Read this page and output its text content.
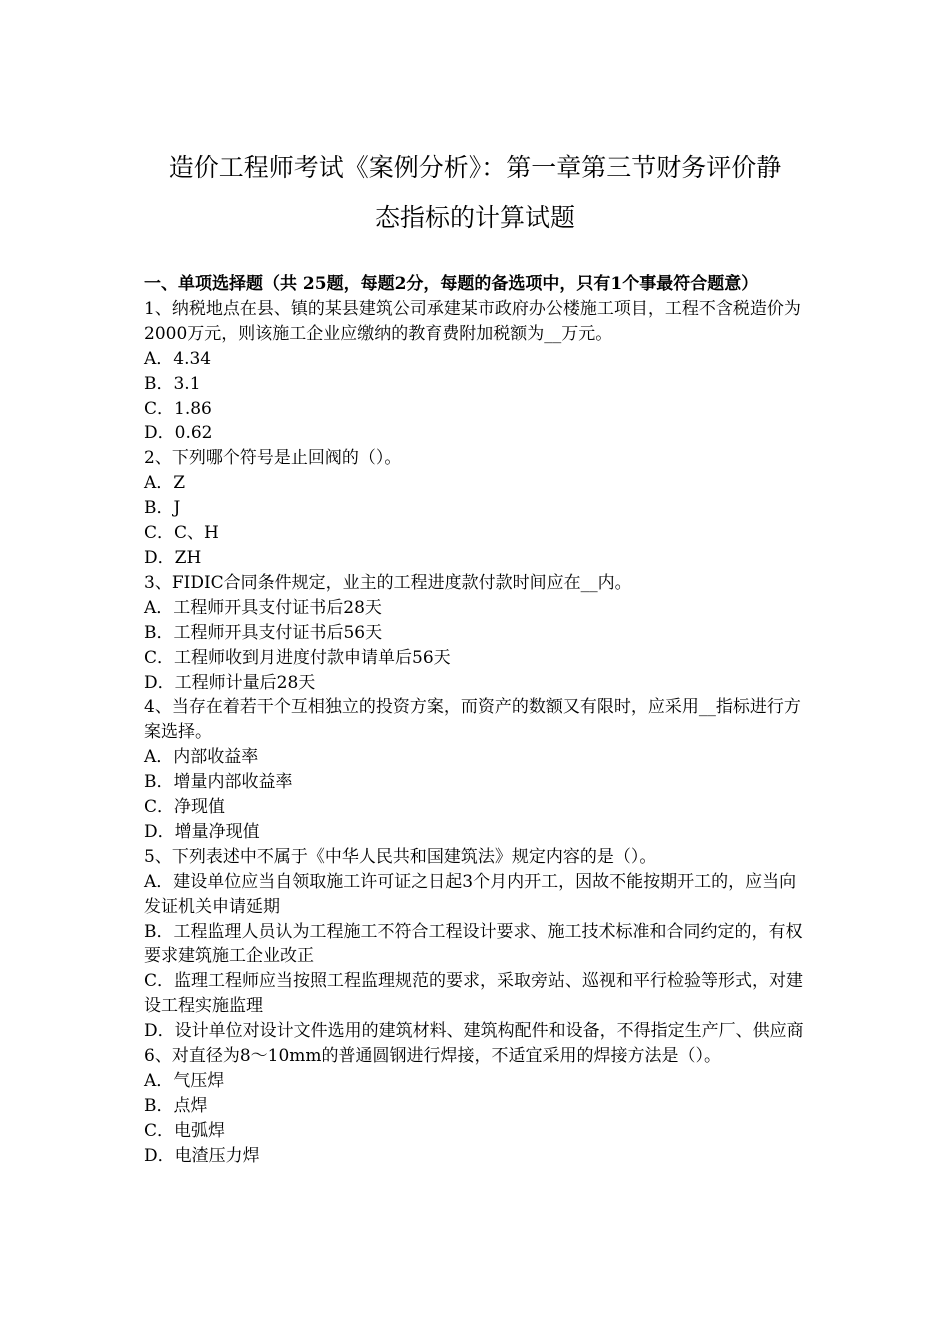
造价工程师考试《案例分析》：第一章第三节财务评价静
态指标的计算试题

一、单项选择题（共 25题，每题2分，每题的备选项中，只有1个事最符合题意）

1、纳税地点在县、镇的某县建筑公司承建某市政府办公楼施工项目，工程不含税造价为 2000万元，则该施工企业应缴纳的教育费附加税额为__万元。

A．4.34

B．3.1

C．1.86

D．0.62

2、下列哪个符号是止回阀的（）。

A．Z

B．J

C．C、H

D．ZH

3、FIDIC合同条件规定，业主的工程进度款付款时间应在__内。

A．工程师开具支付证书后28天

B．工程师开具支付证书后56天

C．工程师收到月进度付款申请单后56天

D．工程师计量后28天

4、当存在着若干个互相独立的投资方案，而资产的数额又有限时，应采用__指标进行方案选择。

A．内部收益率

B．增量内部收益率

C．净现值

D．增量净现值

5、下列表述中不属于《中华人民共和国建筑法》规定内容的是（）。

A．建设单位应当自领取施工许可证之日起3个月内开工，因故不能按期开工的，应当向发证机关申请延期

B．工程监理人员认为工程施工不符合工程设计要求、施工技术标准和合同约定的，有权要求建筑施工企业改正

C．监理工程师应当按照工程监理规范的要求，采取旁站、巡视和平行检验等形式，对建设工程实施监理

D．设计单位对设计文件选用的建筑材料、建筑构配件和设备，不得指定生产厂、供应商

6、对直径为8～10mm的普通圆钢进行焊接，不适宜采用的焊接方法是（）。

A．气压焊

B．点焊

C．电弧焊

D．电渣压力焊
